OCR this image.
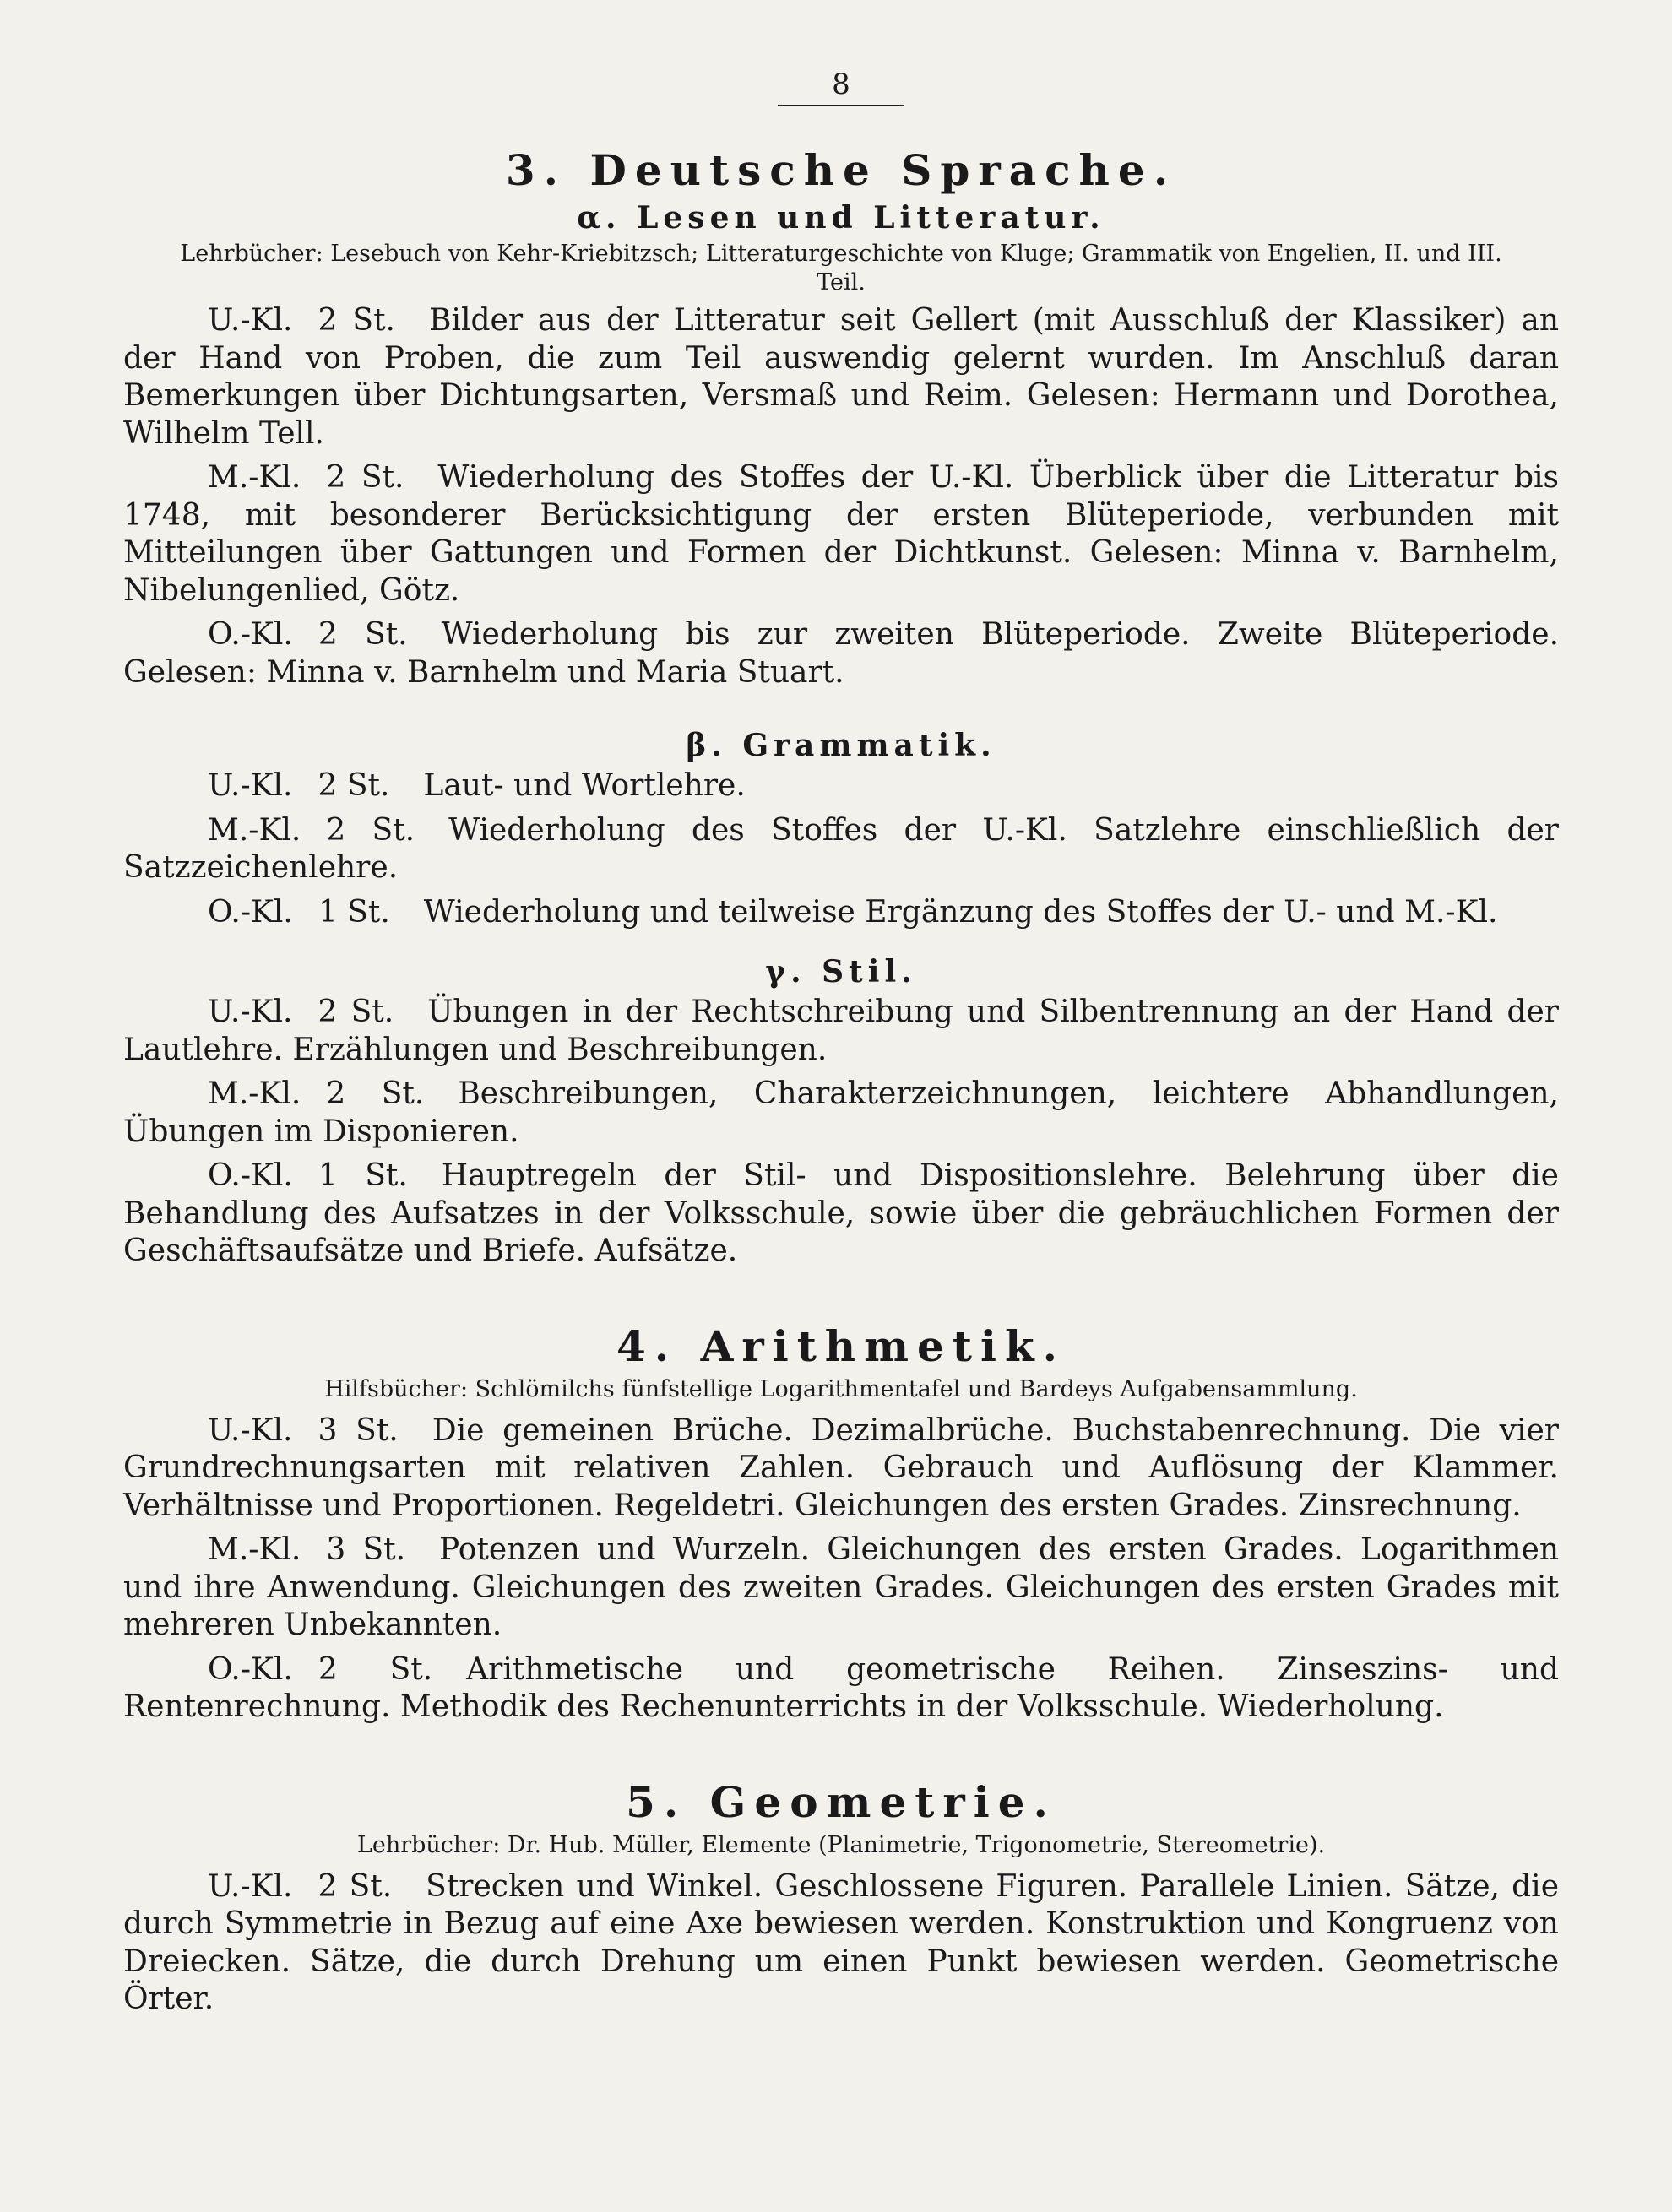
8
3. Deutsche Sprache.
α. Lesen und Litteratur.

Lehrbücher: Lesebuch von Kehr-Kriebitzsch; Litteraturgeschichte von Kluge; Grammatik von Engelien, II. und III. Teil.

U.-Kl. 2 St. Bilder aus der Litteratur seit Gellert (mit Ausschluß der Klassiker) an der Hand von Proben, die zum Teil auswendig gelernt wurden. Im Anschluß daran Bemerkungen über Dichtungsarten, Versmaß und Reim. Gelesen: Hermann und Dorothea, Wilhelm Tell.

M.-Kl. 2 St. Wiederholung des Stoffes der U.-Kl. Überblick über die Litteratur bis 1748, mit besonderer Berücksichtigung der ersten Blüteperiode, verbunden mit Mitteilungen über Gattungen und Formen der Dichtkunst. Gelesen: Minna v. Barnhelm, Nibelungenlied, Götz.

O.-Kl. 2 St. Wiederholung bis zur zweiten Blüteperiode. Zweite Blüteperiode. Gelesen: Minna v. Barnhelm und Maria Stuart.

β. Grammatik.

U.-Kl. 2 St. Laut- und Wortlehre.

M.-Kl. 2 St. Wiederholung des Stoffes der U.-Kl. Satzlehre einschließlich der Satzzeichenlehre.

O.-Kl. 1 St. Wiederholung und teilweise Ergänzung des Stoffes der U.- und M.-Kl.

γ. Stil.

U.-Kl. 2 St. Übungen in der Rechtschreibung und Silbentrennung an der Hand der Lautlehre. Erzählungen und Beschreibungen.

M.-Kl. 2 St. Beschreibungen, Charakterzeichnungen, leichtere Abhandlungen, Übungen im Disponieren.

O.-Kl. 1 St. Hauptregeln der Stil- und Dispositionslehre. Belehrung über die Behandlung des Aufsatzes in der Volksschule, sowie über die gebräuchlichen Formen der Geschäftsaufsätze und Briefe. Aufsätze.

4. Arithmetik.

Hilfsbücher: Schlömilchs fünfstellige Logarithmentafel und Bardeys Aufgabensammlung.

U.-Kl. 3 St. Die gemeinen Brüche. Dezimalbrüche. Buchstabenrechnung. Die vier Grundrechnungsarten mit relativen Zahlen. Gebrauch und Auflösung der Klammer. Verhältnisse und Proportionen. Regeldetri. Gleichungen des ersten Grades. Zinsrechnung.

M.-Kl. 3 St. Potenzen und Wurzeln. Gleichungen des ersten Grades. Logarithmen und ihre Anwendung. Gleichungen des zweiten Grades. Gleichungen des ersten Grades mit mehreren Unbekannten.

O.-Kl. 2 St. Arithmetische und geometrische Reihen. Zinseszins- und Rentenrechnung. Methodik des Rechenunterrichts in der Volksschule. Wiederholung.

5. Geometrie.

Lehrbücher: Dr. Hub. Müller, Elemente (Planimetrie, Trigonometrie, Stereometrie).

U.-Kl. 2 St. Strecken und Winkel. Geschlossene Figuren. Parallele Linien. Sätze, die durch Symmetrie in Bezug auf eine Axe bewiesen werden. Konstruktion und Kongruenz von Dreiecken. Sätze, die durch Drehung um einen Punkt bewiesen werden. Geometrische Örter.
